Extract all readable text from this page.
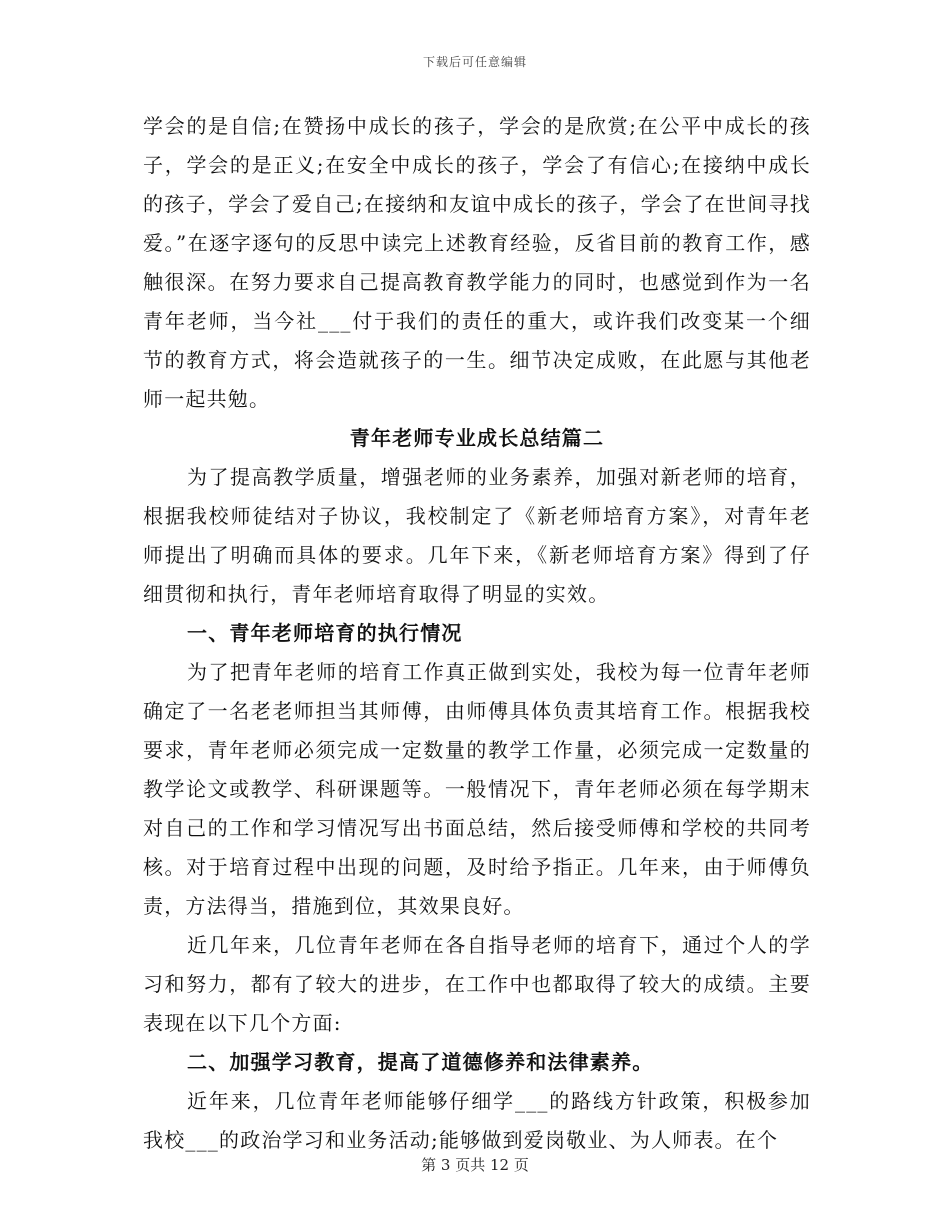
下载后可任意编辑

学会的是自信;在赞扬中成长的孩子，学会的是欣赏;在公平中成长的孩子，学会的是正义;在安全中成长的孩子，学会了有信心;在接纳中成长的孩子，学会了爱自己;在接纳和友谊中成长的孩子，学会了在世间寻找爱。”在逐字逐句的反思中读完上述教育经验，反省目前的教育工作，感触很深。在努力要求自己提高教育教学能力的同时，也感觉到作为一名青年老师，当今社___付于我们的责任的重大，或许我们改变某一个细节的教育方式，将会造就孩子的一生。细节决定成败，在此愿与其他老师一起共勉。

青年老师专业成长总结篇二

为了提高教学质量，增强老师的业务素养，加强对新老师的培育，根据我校师徒结对子协议，我校制定了《新老师培育方案》，对青年老师提出了明确而具体的要求。几年下来，《新老师培育方案》得到了仔细贯彻和执行，青年老师培育取得了明显的实效。

一、青年老师培育的执行情况

为了把青年老师的培育工作真正做到实处，我校为每一位青年老师确定了一名老老师担当其师傅，由师傅具体负责其培育工作。根据我校要求，青年老师必须完成一定数量的教学工作量，必须完成一定数量的教学论文或教学、科研课题等。一般情况下，青年老师必须在每学期末对自己的工作和学习情况写出书面总结，然后接受师傅和学校的共同考核。对于培育过程中出现的问题，及时给予指正。几年来，由于师傅负责，方法得当，措施到位，其效果良好。

近几年来，几位青年老师在各自指导老师的培育下，通过个人的学习和努力，都有了较大的进步，在工作中也都取得了较大的成绩。主要表现在以下几个方面:

二、加强学习教育，提高了道德修养和法律素养。

近年来，几位青年老师能够仔细学___的路线方针政策，积极参加我校___的政治学习和业务活动;能够做到爱岗敬业、为人师表。在个

第 3 页共 12 页
